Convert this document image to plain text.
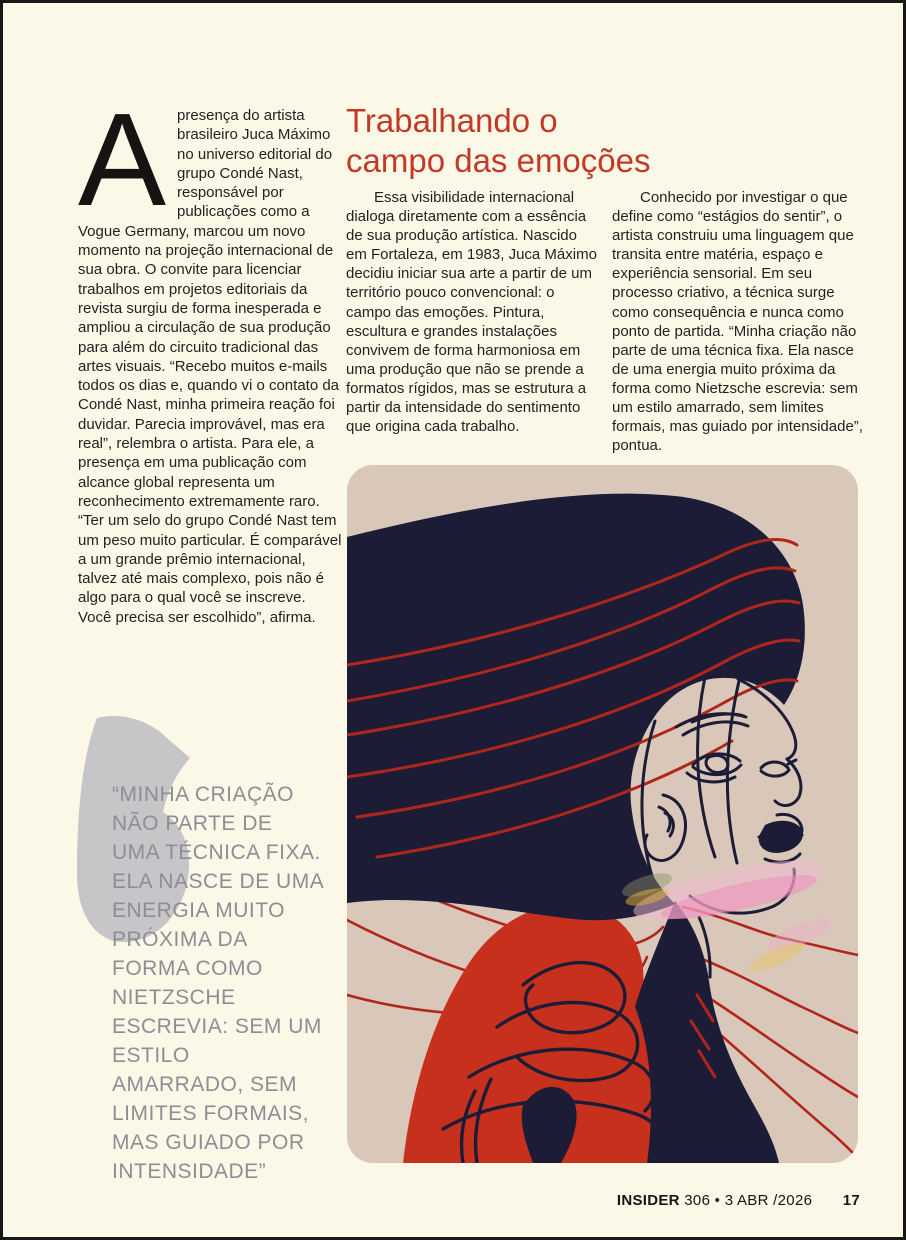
A presença do artista brasileiro Juca Máximo no universo editorial do grupo Condé Nast, responsável por publicações como a Vogue Germany, marcou um novo momento na projeção internacional de sua obra. O convite para licenciar trabalhos em projetos editoriais da revista surgiu de forma inesperada e ampliou a circulação de sua produção para além do circuito tradicional das artes visuais. “Recebo muitos e-mails todos os dias e, quando vi o contato da Condé Nast, minha primeira reação foi duvidar. Parecia improvável, mas era real”, relembra o artista. Para ele, a presença em uma publicação com alcance global representa um reconhecimento extremamente raro. “Ter um selo do grupo Condé Nast tem um peso muito particular. É comparável a um grande prêmio internacional, talvez até mais complexo, pois não é algo para o qual você se inscreve. Você precisa ser escolhido”, afirma.

Trabalhando o
campo das emoções

Essa visibilidade internacional dialoga diretamente com a essência de sua produção artística. Nascido em Fortaleza, em 1983, Juca Máximo decidiu iniciar sua arte a partir de um território pouco convencional: o campo das emoções. Pintura, escultura e grandes instalações convivem de forma harmoniosa em uma produção que não se prende a formatos rígidos, mas se estrutura a partir da intensidade do sentimento que origina cada trabalho.

Conhecido por investigar o que define como “estágios do sentir”, o artista construiu uma linguagem que transita entre matéria, espaço e experiência sensorial. Em seu processo criativo, a técnica surge como consequência e nunca como ponto de partida. “Minha criação não parte de uma técnica fixa. Ela nasce de uma energia muito próxima da forma como Nietzsche escrevia: sem um estilo amarrado, sem limites formais, mas guiado por intensidade”, pontua.

“MINHA CRIAÇÃO NÃO PARTE DE UMA TÉCNICA FIXA. ELA NASCE DE UMA ENERGIA MUITO PRÓXIMA DA FORMA COMO NIETZSCHE ESCREVIA: SEM UM ESTILO AMARRADO, SEM LIMITES FORMAIS, MAS GUIADO POR INTENSIDADE”
INSIDER 306 • 3 ABR /2026 17
